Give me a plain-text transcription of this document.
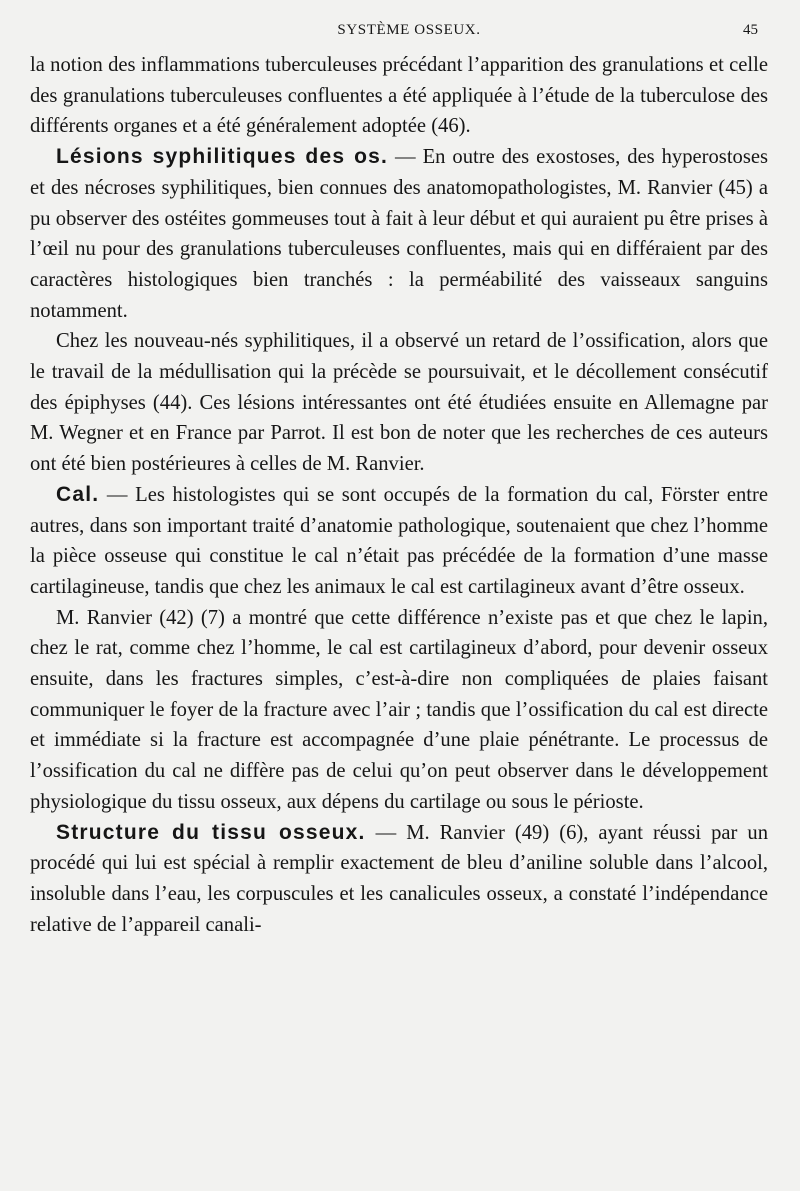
SYSTÈME OSSEUX.	45

la notion des inflammations tuberculeuses précédant l’apparition des granulations et celle des granulations tuberculeuses confluentes a été appliquée à l’étude de la tuberculose des différents organes et a été généralement adoptée (46).

Lésions syphilitiques des os. — En outre des exostoses, des hyperostoses et des nécroses syphilitiques, bien connues des anatomopathologistes, M. Ranvier (45) a pu observer des ostéites gommeuses tout à fait à leur début et qui auraient pu être prises à l’œil nu pour des granulations tuberculeuses confluentes, mais qui en différaient par des caractères histologiques bien tranchés : la perméabilité des vaisseaux sanguins notamment.

Chez les nouveau-nés syphilitiques, il a observé un retard de l’ossification, alors que le travail de la médullisation qui la précède se poursuivait, et le décollement consécutif des épiphyses (44). Ces lésions intéressantes ont été étudiées ensuite en Allemagne par M. Wegner et en France par Parrot. Il est bon de noter que les recherches de ces auteurs ont été bien postérieures à celles de M. Ranvier.

Cal. — Les histologistes qui se sont occupés de la formation du cal, Förster entre autres, dans son important traité d’anatomie pathologique, soutenaient que chez l’homme la pièce osseuse qui constitue le cal n’était pas précédée de la formation d’une masse cartilagineuse, tandis que chez les animaux le cal est cartilagineux avant d’être osseux.

M. Ranvier (42) (7) a montré que cette différence n’existe pas et que chez le lapin, chez le rat, comme chez l’homme, le cal est cartilagineux d’abord, pour devenir osseux ensuite, dans les fractures simples, c’est-à-dire non compliquées de plaies faisant communiquer le foyer de la fracture avec l’air ; tandis que l’ossification du cal est directe et immédiate si la fracture est accompagnée d’une plaie pénétrante. Le processus de l’ossification du cal ne diffère pas de celui qu’on peut observer dans le développement physiologique du tissu osseux, aux dépens du cartilage ou sous le périoste.

Structure du tissu osseux. — M. Ranvier (49) (6), ayant réussi par un procédé qui lui est spécial à remplir exactement de bleu d’aniline soluble dans l’alcool, insoluble dans l’eau, les corpuscules et les canalicules osseux, a constaté l’indépendance relative de l’appareil canali-
